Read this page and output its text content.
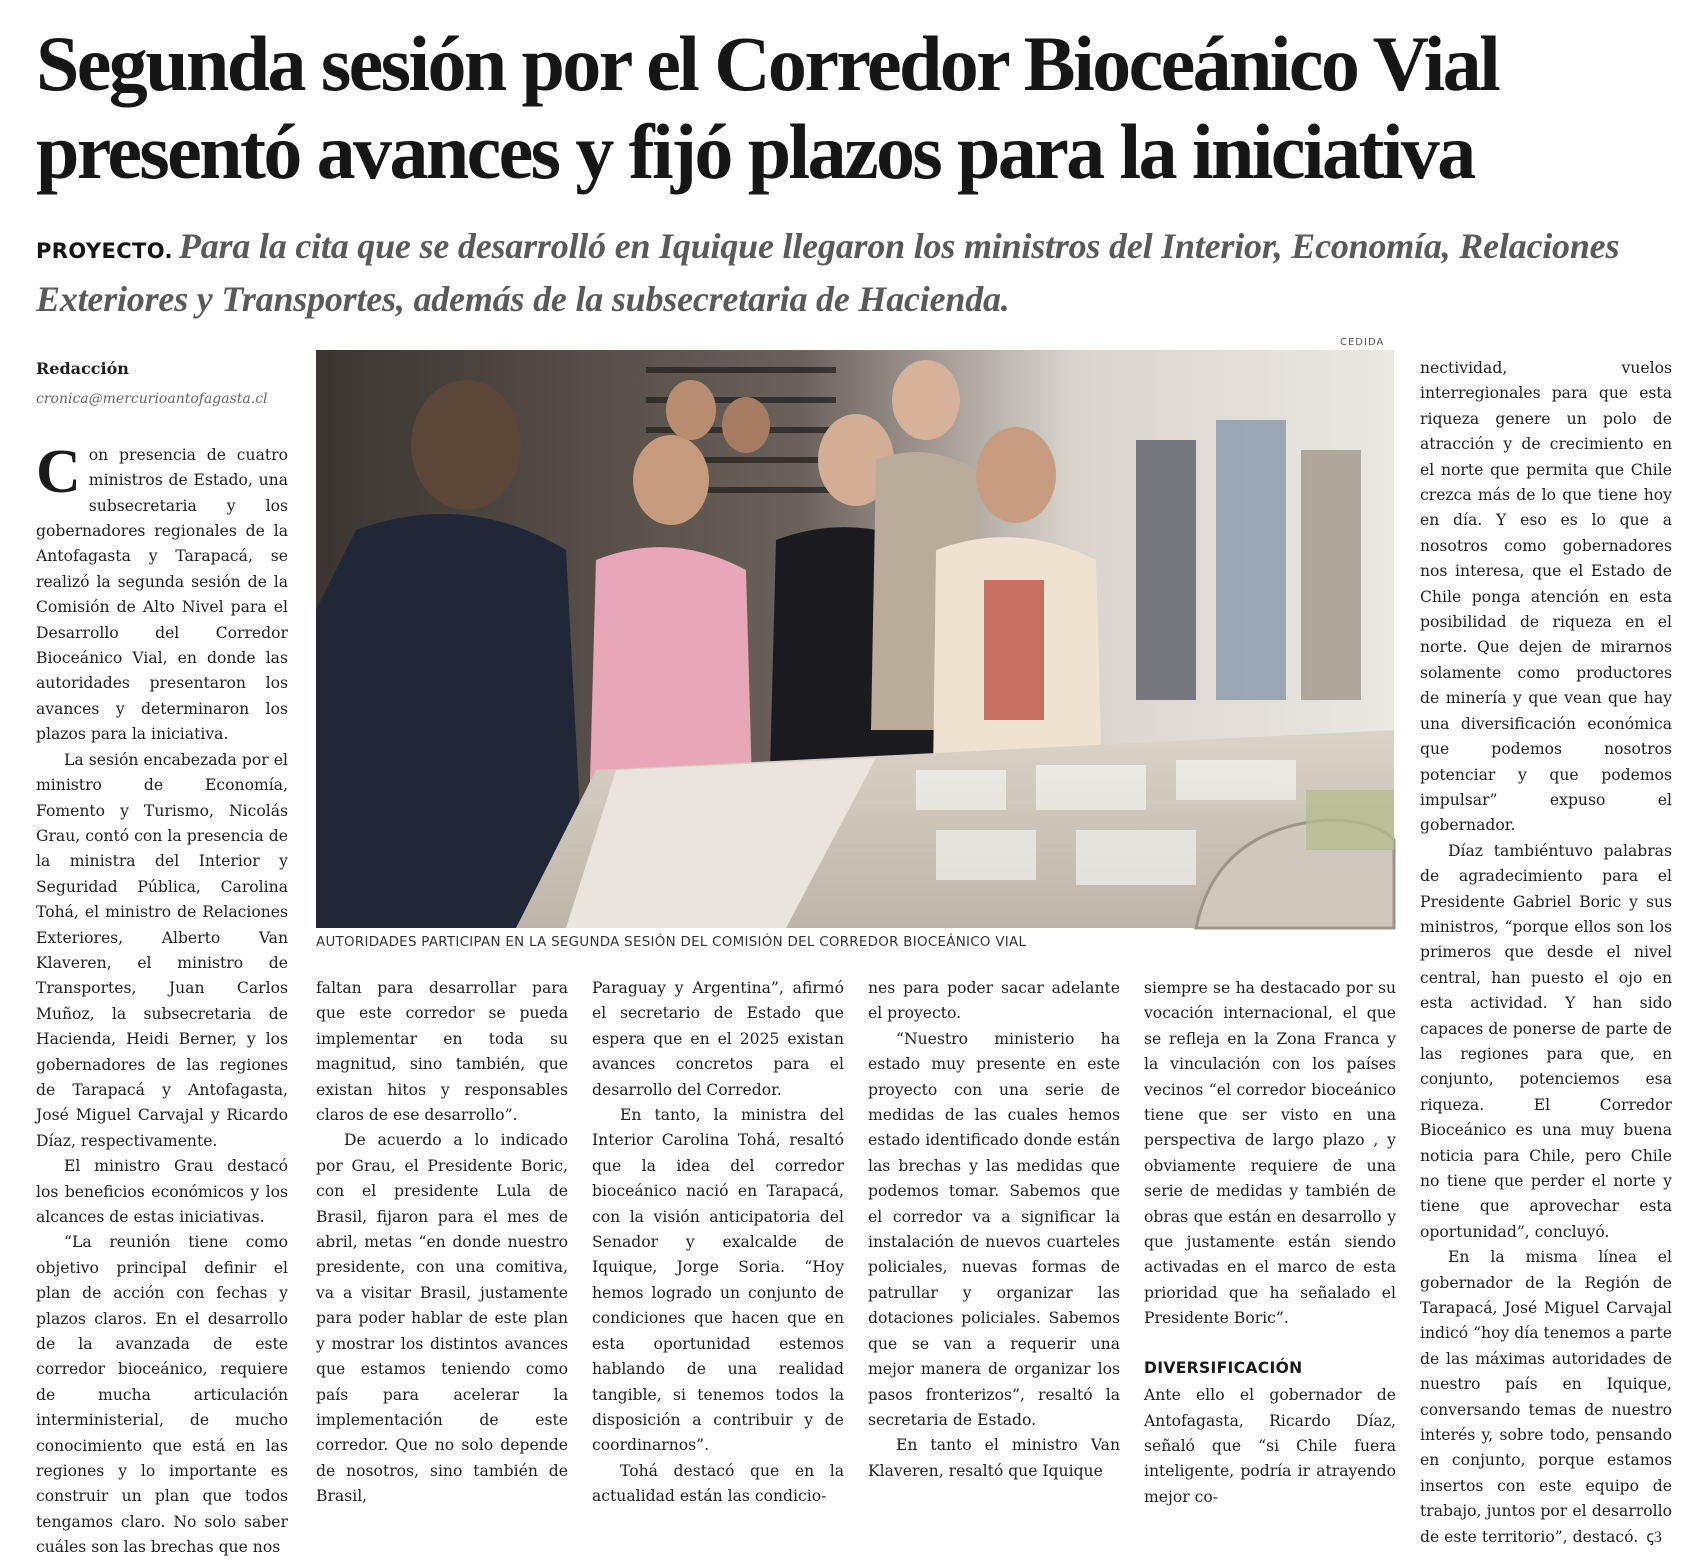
Segunda sesión por el Corredor Bioceánico Vial
presentó avances y fijó plazos para la iniciativa
PROYECTO. Para la cita que se desarrolló en Iquique llegaron los ministros del Interior, Economía, Relaciones Exteriores y Transportes, además de la subsecretaria de Hacienda.
Redacción
cronica@mercurioantofagasta.cl

Con presencia de cuatro ministros de Estado, una subsecretaria y los gobernadores regionales de la Antofagasta y Tarapacá, se realizó la segunda sesión de la Comisión de Alto Nivel para el Desarrollo del Corredor Bioceánico Vial, en donde las autoridades presentaron los avances y determinaron los plazos para la iniciativa.

La sesión encabezada por el ministro de Economía, Fomento y Turismo, Nicolás Grau, contó con la presencia de la ministra del Interior y Seguridad Pública, Carolina Tohá, el ministro de Relaciones Exteriores, Alberto Van Klaveren, el ministro de Transportes, Juan Carlos Muñoz, la subsecretaria de Hacienda, Heidi Berner, y los gobernadores de las regiones de Tarapacá y Antofagasta, José Miguel Carvajal y Ricardo Díaz, respectivamente.

El ministro Grau destacó los beneficios económicos y los alcances de estas iniciativas.

“La reunión tiene como objetivo principal definir el plan de acción con fechas y plazos claros. En el desarrollo de la avanzada de este corredor bioceánico, requiere de mucha articulación interministerial, de mucho conocimiento que está en las regiones y lo importante es construir un plan que todos tengamos claro. No solo saber cuáles son las brechas que nos

CEDIDA
AUTORIDADES PARTICIPAN EN LA SEGUNDA SESIÓN DEL COMISIÓN DEL CORREDOR BIOCEÁNICO VIAL

faltan para desarrollar para que este corredor se pueda implementar en toda su magnitud, sino también, que existan hitos y responsables claros de ese desarrollo”.

De acuerdo a lo indicado por Grau, el Presidente Boric, con el presidente Lula de Brasil, fijaron para el mes de abril, metas “en donde nuestro presidente, con una comitiva, va a visitar Brasil, justamente para poder hablar de este plan y mostrar los distintos avances que estamos teniendo como país para acelerar la implementación de este corredor. Que no solo depende de nosotros, sino también de Brasil,

Paraguay y Argentina”, afirmó el secretario de Estado que espera que en el 2025 existan avances concretos para el desarrollo del Corredor.

En tanto, la ministra del Interior Carolina Tohá, resaltó que la idea del corredor bioceánico nació en Tarapacá, con la visión anticipatoria del Senador y exalcalde de Iquique, Jorge Soria. “Hoy hemos logrado un conjunto de condiciones que hacen que en esta oportunidad estemos hablando de una realidad tangible, si tenemos todos la disposición a contribuir y de coordinarnos”.

Tohá destacó que en la actualidad están las condicio-

nes para poder sacar adelante el proyecto.

“Nuestro ministerio ha estado muy presente en este proyecto con una serie de medidas de las cuales hemos estado identificado donde están las brechas y las medidas que podemos tomar. Sabemos que el corredor va a significar la instalación de nuevos cuarteles policiales, nuevas formas de patrullar y organizar las dotaciones policiales. Sabemos que se van a requerir una mejor manera de organizar los pasos fronterizos”, resaltó la secretaria de Estado.

En tanto el ministro Van Klaveren, resaltó que Iquique

siempre se ha destacado por su vocación internacional, el que se refleja en la Zona Franca y la vinculación con los países vecinos “el corredor bioceánico tiene que ser visto en una perspectiva de largo plazo , y obviamente requiere de una serie de medidas y también de obras que están en desarrollo y que justamente están siendo activadas en el marco de esta prioridad que ha señalado el Presidente Boric”.

DIVERSIFICACIÓN

Ante ello el gobernador de Antofagasta, Ricardo Díaz, señaló que “si Chile fuera inteligente, podría ir atrayendo mejor co-

nectividad, vuelos interregionales para que esta riqueza genere un polo de atracción y de crecimiento en el norte que permita que Chile crezca más de lo que tiene hoy en día. Y eso es lo que a nosotros como gobernadores nos interesa, que el Estado de Chile ponga atención en esta posibilidad de riqueza en el norte. Que dejen de mirarnos solamente como productores de minería y que vean que hay una diversificación económica que podemos nosotros potenciar y que podemos impulsar” expuso el gobernador.

Díaz tambiéntuvo palabras de agradecimiento para el Presidente Gabriel Boric y sus ministros, “porque ellos son los primeros que desde el nivel central, han puesto el ojo en esta actividad. Y han sido capaces de ponerse de parte de las regiones para que, en conjunto, potenciemos esa riqueza. El Corredor Bioceánico es una muy buena noticia para Chile, pero Chile no tiene que perder el norte y tiene que aprovechar esta oportunidad”, concluyó.

En la misma línea el gobernador de la Región de Tarapacá, José Miguel Carvajal indicó “hoy día tenemos a parte de las máximas autoridades de nuestro país en Iquique, conversando temas de nuestro interés y, sobre todo, pensando en conjunto, porque estamos insertos con este equipo de trabajo, juntos por el desarrollo de este territorio”, destacó. ꞔ3
